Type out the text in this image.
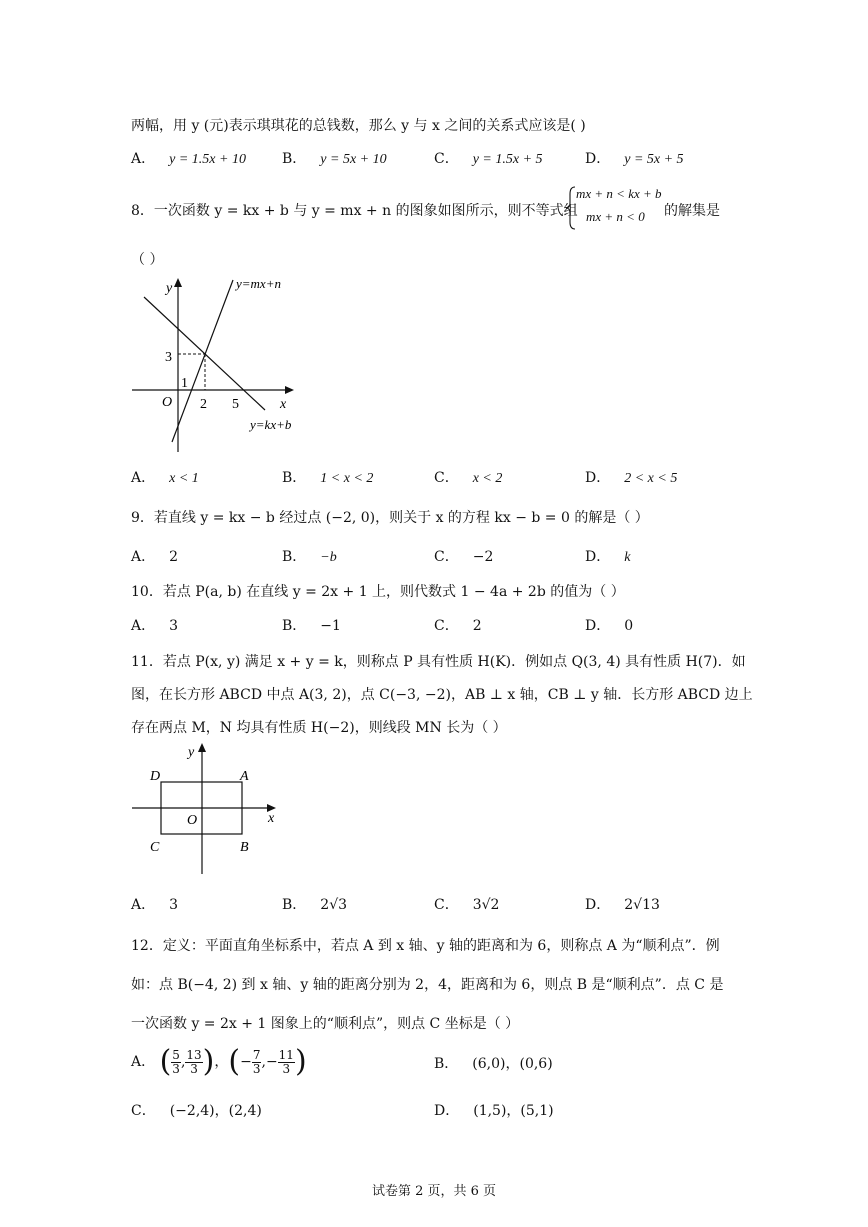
两幅，用 y (元)表示琪琪花的总钱数，那么 y 与 x 之间的关系式应该是( )
A． y = 1.5x + 10	B． y = 5x + 10	C． y = 1.5x + 5	D． y = 5x + 5
8．一次函数 y = kx + b 与 y = mx + n 的图象如图所示，则不等式组
mx + n < kx + b
mx + n < 0 的解集是
（ ）
y
x
O
y=mx+n
y=kx+b
3
1
2 5
A． x < 1	B． 1 < x < 2	C． x < 2	D． 2 < x < 5
9．若直线 y = kx − b 经过点 (−2, 0)，则关于 x 的方程 kx − b = 0 的解是（ ）
A． 2	B． −b	C． −2	D． k
10．若点 P(a, b) 在直线 y = 2x + 1 上，则代数式 1 − 4a + 2b 的值为（ ）
A． 3	B． −1	C． 2	D． 0
11．若点 P(x, y) 满足 x + y = k，则称点 P 具有性质 H(K)．例如点 Q(3, 4) 具有性质 H(7)．如
图，在长方形 ABCD 中点 A(3, 2)，点 C(−3, −2)，AB ⊥ x 轴，CB ⊥ y 轴．长方形 ABCD 边上
存在两点 M，N 均具有性质 H(−2)，则线段 MN 长为（ ）
y
x
O
D	A
C	B
A． 3	B． 2√3	C． 3√2	D． 2√13
12．定义：平面直角坐标系中，若点 A 到 x 轴、y 轴的距离和为 6，则称点 A 为“顺利点”．例
如：点 B(−4, 2) 到 x 轴、y 轴的距离分别为 2，4，距离和为 6，则点 B 是“顺利点”．点 C 是
一次函数 y = 2x + 1 图象上的“顺利点”，则点 C 坐标是（ ）
A． ( $\frac{5}{3}$ , $\frac{13}{3}$ )，(− $\frac{7}{3}$ ,− $\frac{11}{3}$ )	B． (6,0)，(0,6)
C． (−2,4)，(2,4)	D． (1,5)，(5,1)
试卷第 2 页，共 6 页
